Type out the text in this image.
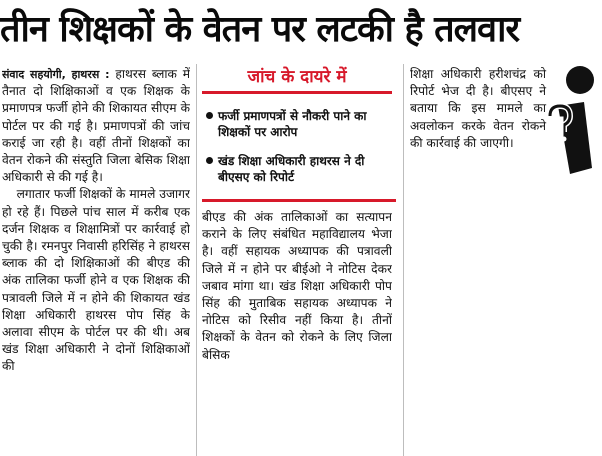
तीन शिक्षकों के वेतन पर लटकी है तलवार

संवाद सहयोगी, हाथरस : हाथरस ब्लाक में तैनात दो शिक्षिकाओं व एक शिक्षक के प्रमाणपत्र फर्जी होने की शिकायत सीएम के पोर्टल पर की गई है। प्रमाणपत्रों की जांच कराई जा रही है। वहीं तीनों शिक्षकों का वेतन रोकने की संस्तुति जिला बेसिक शिक्षा अधिकारी से की गई है।

लगातार फर्जी शिक्षकों के मामले उजागर हो रहे हैं। पिछले पांच साल में करीब एक दर्जन शिक्षक व शिक्षामित्रों पर कार्रवाई हो चुकी है। रमनपुर निवासी हरिसिंह ने हाथरस ब्लाक की दो शिक्षिकाओं की बीएड की अंक तालिका फर्जी होने व एक शिक्षक की पत्रावली जिले में न होने की शिकायत खंड शिक्षा अधिकारी हाथरस पोप सिंह के अलावा सीएम के पोर्टल पर की थी। अब खंड शिक्षा अधिकारी ने दोनों शिक्षिकाओं की

जांच के दायरे में
फर्जी प्रमाणपत्रों से नौकरी पाने का शिक्षकों पर आरोप
खंड शिक्षा अधिकारी हाथरस ने दी बीएसए को रिपोर्ट

बीएड की अंक तालिकाओं का सत्यापन कराने के लिए संबंधित महाविद्यालय भेजा है। वहीं सहायक अध्यापक की पत्रावली जिले में न होने पर बीईओ ने नोटिस देकर जबाव मांगा था। खंड शिक्षा अधिकारी पोप सिंह की मुताबिक सहायक अध्यापक ने नोटिस को रिसीव नहीं किया है। तीनों शिक्षकों के वेतन को रोकने के लिए जिला बेसिक

शिक्षा अधिकारी हरीशचंद्र को रिपोर्ट भेज दी है। बीएसए ने बताया कि इस मामले का अवलोकन करके वेतन रोकने की कार्रवाई की जाएगी।
